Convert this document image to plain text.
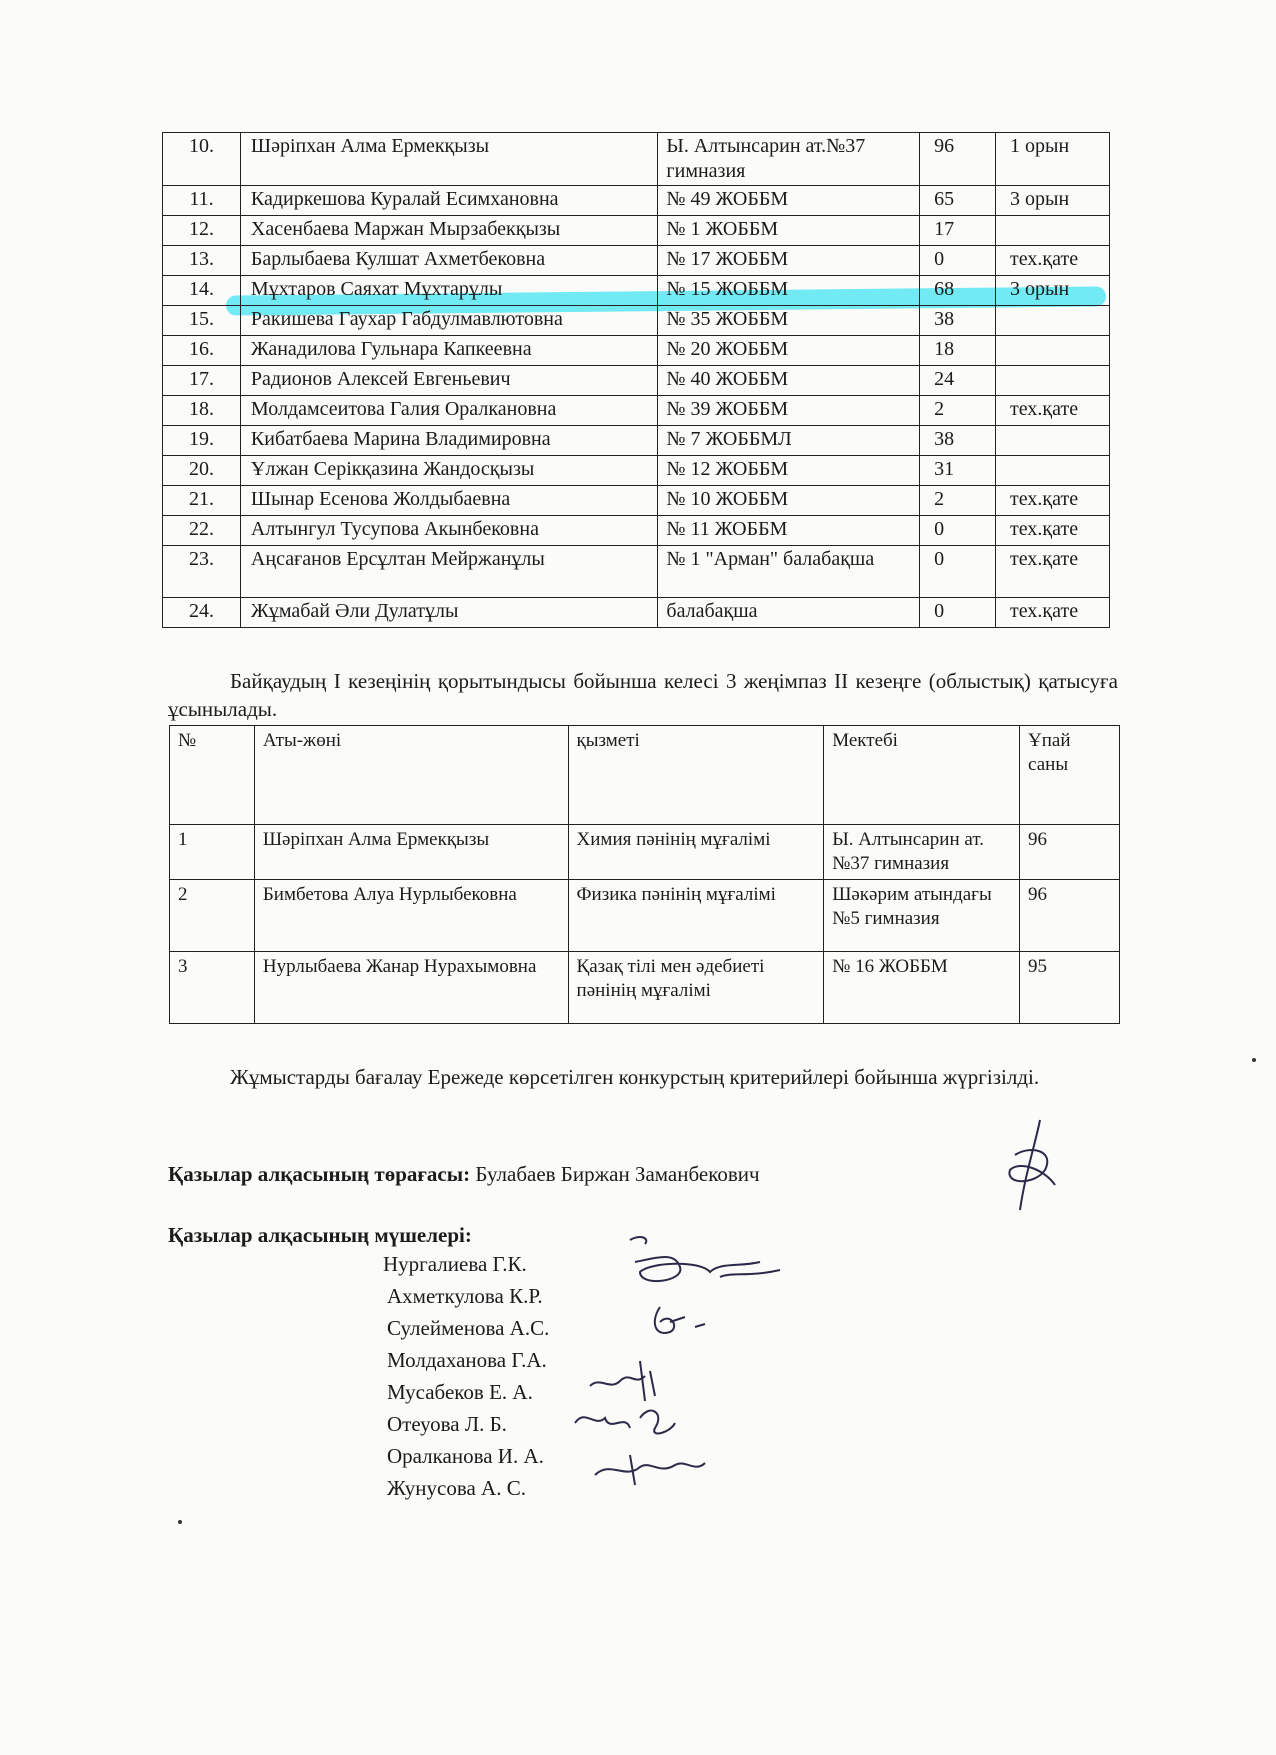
10.	Шәріпхан Алма Ермекқызы	Ы. Алтынсарин ат.№37 гимназия	96	1 орын
11.	Кадиркешова Куралай Есимхановна	№ 49 ЖОББМ	65	3 орын
12.	Хасенбаева Маржан Мырзабекқызы	№ 1 ЖОББМ	17	
13.	Барлыбаева Кулшат Ахметбековна	№ 17 ЖОББМ	0	тех.қате
14.	Мұхтаров Саяхат Мұхтарұлы	№ 15 ЖОББМ	68	3 орын
15.	Ракишева Гаухар Габдулмавлютовна	№ 35 ЖОББМ	38	
16.	Жанадилова Гульнара Капкеевна	№ 20 ЖОББМ	18	
17.	Радионов Алексей Евгеньевич	№ 40 ЖОББМ	24	
18.	Молдамсеитова Галия Оралкановна	№ 39 ЖОББМ	2	тех.қате
19.	Кибатбаева Марина Владимировна	№ 7 ЖОББМЛ	38	
20.	Ұлжан Серікқазина Жандосқызы	№ 12 ЖОББМ	31	
21.	Шынар Есенова Жолдыбаевна	№ 10 ЖОББМ	2	тех.қате
22.	Алтынгул Тусупова Акынбековна	№ 11 ЖОББМ	0	тех.қате
23.	Аңсағанов Ерсұлтан Мейржанұлы	№ 1 "Арман" балабақша	0	тех.қате
24.	Жұмабай Әли Дулатұлы	балабақша	0	тех.қате
Байқаудың І кезеңінің қорытындысы бойынша келесі 3 жеңімпаз ІІ кезеңге (облыстық) қатысуға ұсынылады.
№	Аты-жөні	қызметі	Мектебі	Ұпай саны
1	Шәріпхан Алма Ермекқызы	Химия пәнінің мұғалімі	Ы. Алтынсарин ат.№37 гимназия	96
2	Бимбетова Алуа Нурлыбековна	Физика пәнінің мұғалімі	Шәкәрим атындағы №5 гимназия	96
3	Нурлыбаева Жанар Нурахымовна	Қазақ тілі мен әдебиеті пәнінің мұғалімі	№ 16 ЖОББМ	95
Жұмыстарды бағалау Ережеде көрсетілген конкурстың критерийлері бойынша жүргізілді.
Қазылар алқасының төрағасы: Булабаев Биржан Заманбекович
Қазылар алқасының мүшелері:
Нургалиева Г.К.
Ахметкулова К.Р.
Сулейменова А.С.
Молдаханова Г.А.
Мусабеков Е. А.
Отеуова Л. Б.
Оралканова И. А.
Жунусова А. С.
